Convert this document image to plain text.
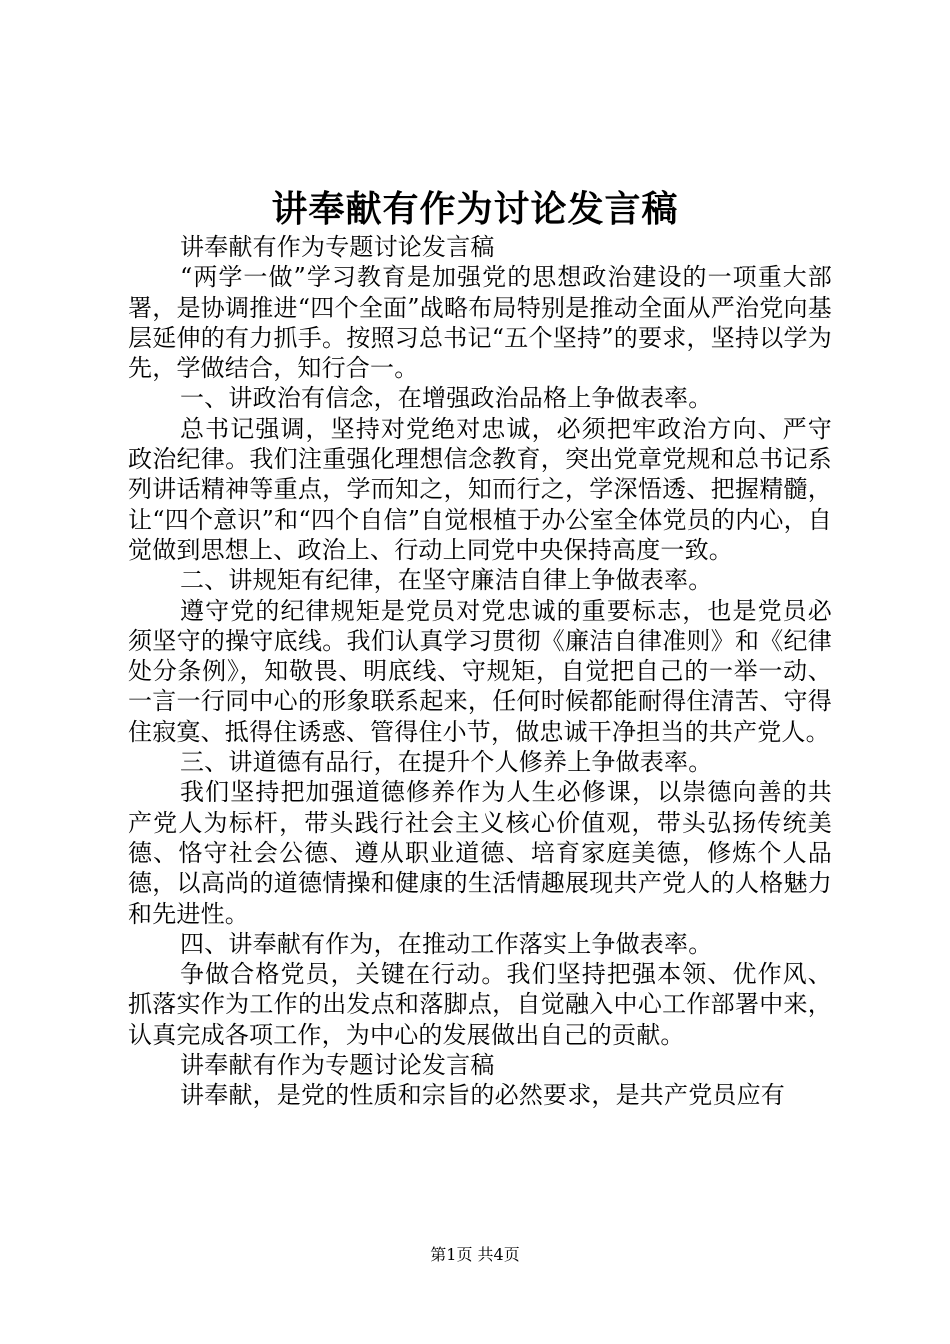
讲奉献有作为讨论发言稿

讲奉献有作为专题讨论发言稿

“两学一做”学习教育是加强党的思想政治建设的一项重大部署，是协调推进“四个全面”战略布局特别是推动全面从严治党向基层延伸的有力抓手。按照习总书记“五个坚持”的要求，坚持以学为先，学做结合，知行合一。

一、讲政治有信念，在增强政治品格上争做表率。

总书记强调，坚持对党绝对忠诚，必须把牢政治方向、严守政治纪律。我们注重强化理想信念教育，突出党章党规和总书记系列讲话精神等重点，学而知之，知而行之，学深悟透、把握精髓，让“四个意识”和“四个自信”自觉根植于办公室全体党员的内心，自觉做到思想上、政治上、行动上同党中央保持高度一致。

二、讲规矩有纪律，在坚守廉洁自律上争做表率。

遵守党的纪律规矩是党员对党忠诚的重要标志，也是党员必须坚守的操守底线。我们认真学习贯彻《廉洁自律准则》和《纪律处分条例》，知敬畏、明底线、守规矩，自觉把自己的一举一动、一言一行同中心的形象联系起来，任何时候都能耐得住清苦、守得住寂寞、抵得住诱惑、管得住小节，做忠诚干净担当的共产党人。

三、讲道德有品行，在提升个人修养上争做表率。

我们坚持把加强道德修养作为人生必修课，以崇德向善的共产党人为标杆，带头践行社会主义核心价值观，带头弘扬传统美德、恪守社会公德、遵从职业道德、培育家庭美德，修炼个人品德，以高尚的道德情操和健康的生活情趣展现共产党人的人格魅力和先进性。

四、讲奉献有作为，在推动工作落实上争做表率。

争做合格党员，关键在行动。我们坚持把强本领、优作风、抓落实作为工作的出发点和落脚点，自觉融入中心工作部署中来，认真完成各项工作，为中心的发展做出自己的贡献。

讲奉献有作为专题讨论发言稿

讲奉献，是党的性质和宗旨的必然要求，是共产党员应有

第1页 共4页
